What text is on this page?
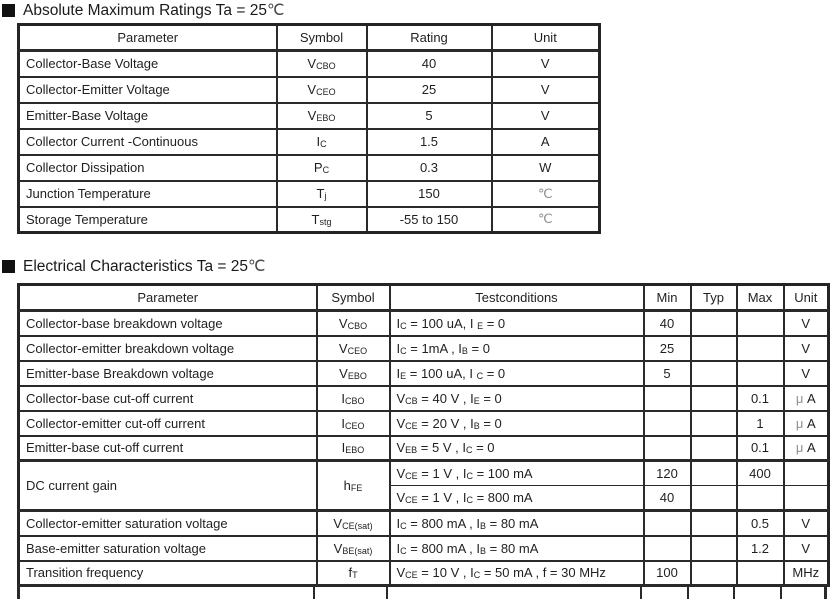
Absolute Maximum Ratings Ta = 25℃
Parameter	Symbol	Rating	Unit
Collector-Base Voltage	VCBO	40	V
Collector-Emitter Voltage	VCEO	25	V
Emitter-Base Voltage	VEBO	5	V
Collector Current -Continuous	IC	1.5	A
Collector Dissipation	PC	0.3	W
Junction Temperature	Tj	150	℃
Storage Temperature	Tstg	-55 to 150	℃
Electrical Characteristics Ta = 25℃
Parameter	Symbol	Testconditions	Min	Typ	Max	Unit
Collector-base breakdown voltage	VCBO	IC = 100 uA, I E = 0	40			V
Collector-emitter breakdown voltage	VCEO	IC = 1mA , IB = 0	25			V
Emitter-base Breakdown voltage	VEBO	IE = 100 uA, I C = 0	5			V
Collector-base cut-off current	ICBO	VCB = 40 V , IE = 0			0.1	μ A
Collector-emitter cut-off current	ICEO	VCE = 20 V , IB = 0			1	μ A
Emitter-base cut-off current	IEBO	VEB = 5 V , IC = 0			0.1	μ A
DC current gain	hFE	VCE = 1 V , IC = 100 mA	120		400	
		VCE = 1 V , IC = 800 mA	40			
Collector-emitter saturation voltage	VCE(sat)	IC = 800 mA , IB = 80 mA			0.5	V
Base-emitter saturation voltage	VBE(sat)	IC = 800 mA , IB = 80 mA			1.2	V
Transition frequency	fT	VCE = 10 V , IC = 50 mA , f = 30 MHz	100			MHz
